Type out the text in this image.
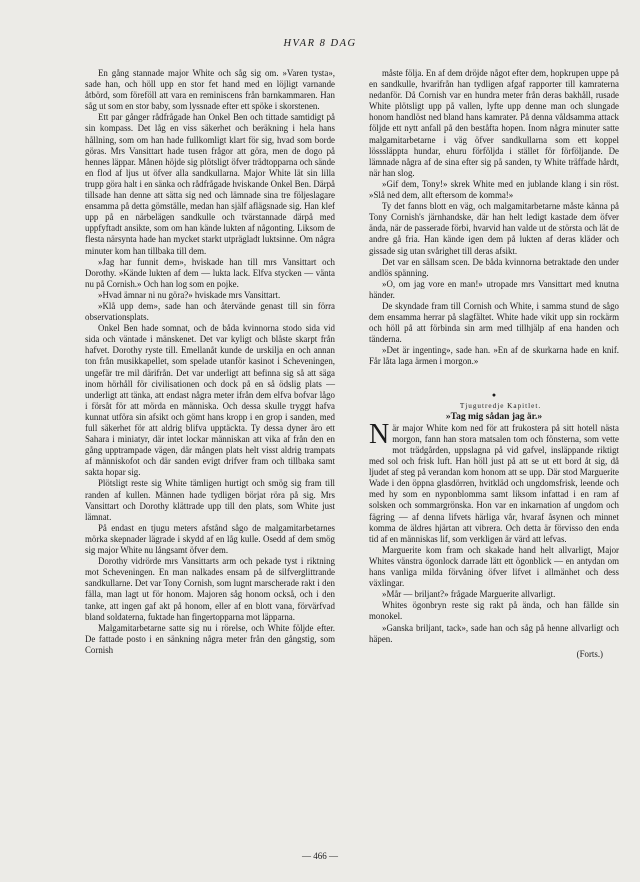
HVAR 8 DAG

En gång stannade major White och såg sig om. »Varen tysta», sade han, och höll upp en stor fet hand med en löjligt varnande åtbörd, som föreföll att vara en reminiscens från barnkammaren. Han såg ut som en stor baby, som lyssnade efter ett spöke i skorstenen.

Ett par gånger rådfrågade han Onkel Ben och tittade samtidigt på sin kompass. Det låg en viss säkerhet och beräkning i hela hans hållning, som om han hade fullkomligt klart för sig, hvad som borde göras. Mrs Vansittart hade tusen frågor att göra, men de dogo på hennes läppar. Månen höjde sig plötsligt öfver trädtopparna och sände en flod af ljus ut öfver alla sandkullarna. Major White lät sin lilla trupp göra halt i en sänka och rådfrågade hviskande Onkel Ben. Därpå tillsade han denne att sätta sig ned och lämnade sina tre följeslagare ensamma på detta gömställe, medan han själf aflägsnade sig. Han klef upp på en närbelägen sandkulle och tvärstannade därpå med uppfyftadt ansikte, som om han kände lukten af någonting. Liksom de flesta närsynta hade han mycket starkt utprägladt luktsinne. Om några minuter kom han tillbaka till dem.

»Jag har funnit dem», hviskade han till mrs Vansittart och Dorothy. »Kände lukten af dem — lukta lack. Elfva stycken — vänta nu på Cornish.» Och han log som en pojke.

»Hvad ämnar ni nu göra?» hviskade mrs Vansittart.

»Klå upp dem», sade han och återvände genast till sin förra observationsplats.

Onkel Ben hade somnat, och de båda kvinnorna stodo sida vid sida och väntade i mänskenet. Det var kyligt och blåste skarpt från hafvet. Dorothy ryste till. Emellanåt kunde de urskilja en och annan ton från musikkapellet, som spelade utanför kasinot i Scheveningen, ungefär tre mil därifrån. Det var underligt att befinna sig så att säga inom hörhåll för civilisationen och dock på en så ödslig plats — underligt att tänka, att endast några meter ifrån dem elfva bofvar lågo i försåt för att mörda en människa. Och dessa skulle tryggt hafva kunnat utföra sin afsikt och gömt hans kropp i en grop i sanden, med full säkerhet för att aldrig blifva upptäckta. Ty dessa dyner äro ett Sahara i miniatyr, där intet lockar människan att vika af från den en gång upptrampade vägen, där mången plats helt visst aldrig trampats af människofot och där sanden evigt drifver fram och tillbaka samt sakta hopar sig.

Plötsligt reste sig White tämligen hurtigt och smög sig fram till randen af kullen. Männen hade tydligen börjat röra på sig. Mrs Vansittart och Dorothy klättrade upp till den plats, som White just lämnat.

På endast en tjugu meters afstånd sågo de malgamitarbetarnes mörka skepnader lägrade i skydd af en låg kulle. Osedd af dem smög sig major White nu långsamt öfver dem.

Dorothy vidrörde mrs Vansittarts arm och pekade tyst i riktning mot Scheveningen. En man nalkades ensam på de silfverglittrande sandkullarne. Det var Tony Cornish, som lugnt marscherade rakt i den fälla, man lagt ut för honom. Majoren såg honom också, och i den tanke, att ingen gaf akt på honom, eller af en blott vana, förvärfvad bland soldaterna, fuktade han fingertopparna mot läpparna.

Malgamitarbetarne satte sig nu i rörelse, och White följde efter. De fattade posto i en sänkning några meter från den gångstig, som Cornish

måste följa. En af dem dröjde något efter dem, hopkrupen uppe på en sandkulle, hvarifrån han tydligen afgaf rapporter till kamraterna nedanför. Då Cornish var en hundra meter från deras bakhåll, rusade White plötsligt upp på vallen, lyfte upp denne man och slungade honom handlöst ned bland hans kamrater. På denna våldsamma attack följde ett nytt anfall på den beståfta hopen. Inom några minuter satte malgamitarbetarne i väg öfver sandkullarna som ett koppel lösssläppta hundar, ehuru förföljda i stället för förföljande. De lämnade några af de sina efter sig på sanden, ty White träffade hårdt, när han slog.

»Gif dem, Tony!» skrek White med en jublande klang i sin röst. »Slå ned dem, allt eftersom de komma!»

Ty det fanns blott en väg, och malgamitarbetarne måste känna på Tony Cornish's järnhandske, där han helt ledigt kastade dem öfver ända, när de passerade förbi, hvarvid han valde ut de största och lät de andre gå fria. Han kände igen dem på lukten af deras kläder och gissade sig utan svårighet till deras afsikt.

Det var en sällsam scen. De båda kvinnorna betraktade den under andlös spänning.

»O, om jag vore en man!» utropade mrs Vansittart med knutna händer.

De skyndade fram till Cornish och White, i samma stund de sågo dem ensamma herrar på slagfältet. White hade vikit upp sin rockärm och höll på att förbinda sin arm med tillhjälp af ena handen och tänderna.

»Det är ingenting», sade han. »En af de skurkarna hade en knif. Får låta laga ärmen i morgon.»

●

Tjugutredje Kapitlet.

»Tag mig sådan jag är.»

När major White kom ned för att frukostera på sitt hotell nästa morgon, fann han stora matsalen tom och fönsterna, som vette mot trädgården, uppslagna på vid gafvel, insläppande riktigt med sol och frisk luft. Han höll just på att se ut ett bord åt sig, då ljudet af steg på verandan kom honom att se upp. Där stod Marguerite Wade i den öppna glasdörren, hvitkläd och ungdomsfrisk, leende och med hy som en nyponblomma samt liksom infattad i en ram af solsken och sommargrönska. Hon var en inkarnation af ungdom och fägring — af denna lifvets härliga vår, hvaraf åsynen och minnet komma de äldres hjärtan att vibrera. Och detta är förvisso den enda tid af en människas lif, som verkligen är värd att lefvas.

Marguerite kom fram och skakade hand helt allvarligt, Major Whites vänstra ögonlock darrade lätt ett ögonblick — en antydan om hans vanliga milda förvåning öfver lifvet i allmänhet och dess växlingar.

»Mår — briljant?» frågade Marguerite allvarligt.

Whites ögonbryn reste sig rakt på ända, och han fällde sin monokel.

»Ganska briljant, tack», sade han och såg på henne allvarligt och häpen.

(Forts.)

— 466 —
